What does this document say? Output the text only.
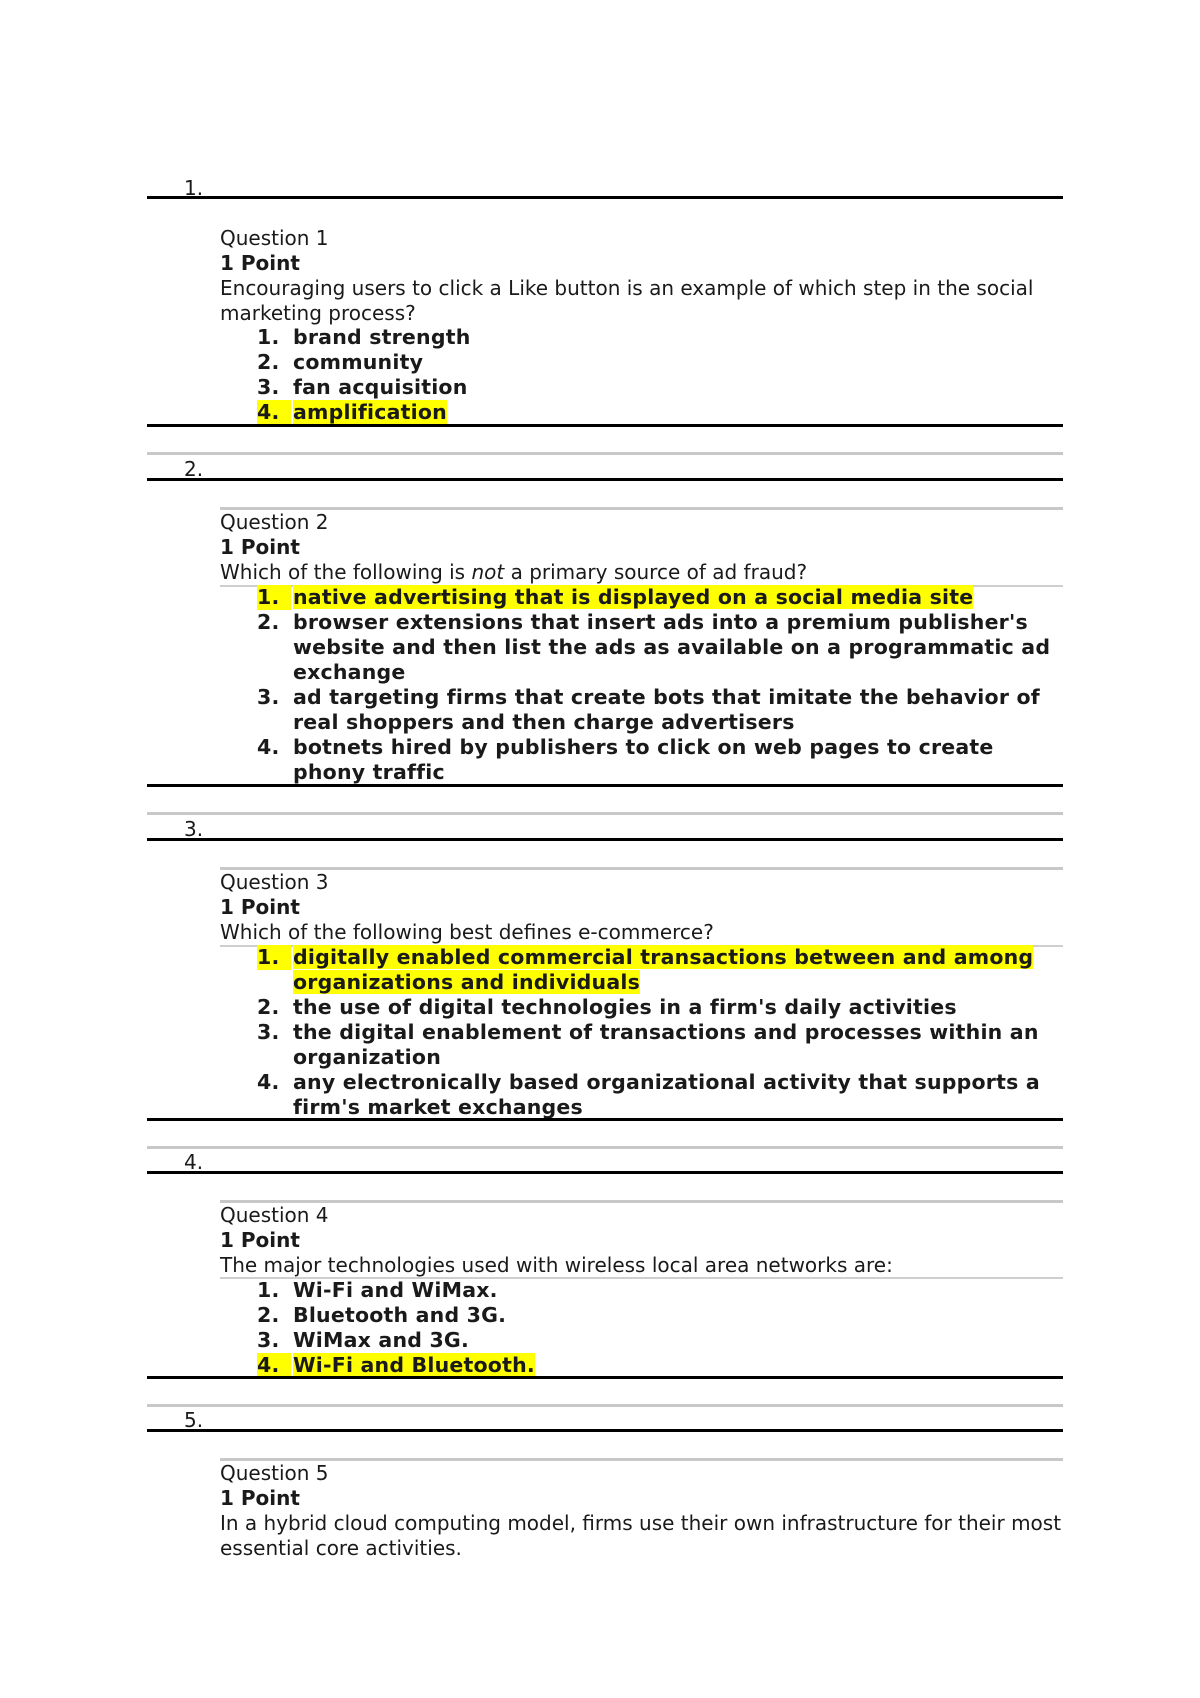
1.

Question 1

1 Point

Encouraging users to click a Like button is an example of which step in the social marketing process?

1. brand strength
2. community
3. fan acquisition
4. amplification
2.

Question 2

1 Point

Which of the following is not a primary source of ad fraud?

1. native advertising that is displayed on a social media site
2. browser extensions that insert ads into a premium publisher's website and then list the ads as available on a programmatic ad exchange
3. ad targeting firms that create bots that imitate the behavior of real shoppers and then charge advertisers
4. botnets hired by publishers to click on web pages to create phony traffic
3.

Question 3

1 Point

Which of the following best defines e-commerce?

1. digitally enabled commercial transactions between and among organizations and individuals
2. the use of digital technologies in a firm's daily activities
3. the digital enablement of transactions and processes within an organization
4. any electronically based organizational activity that supports a firm's market exchanges
4.

Question 4

1 Point

The major technologies used with wireless local area networks are:

1. Wi-Fi and WiMax.
2. Bluetooth and 3G.
3. WiMax and 3G.
4. Wi-Fi and Bluetooth.
5.

Question 5

1 Point

In a hybrid cloud computing model, firms use their own infrastructure for their most essential core activities.
